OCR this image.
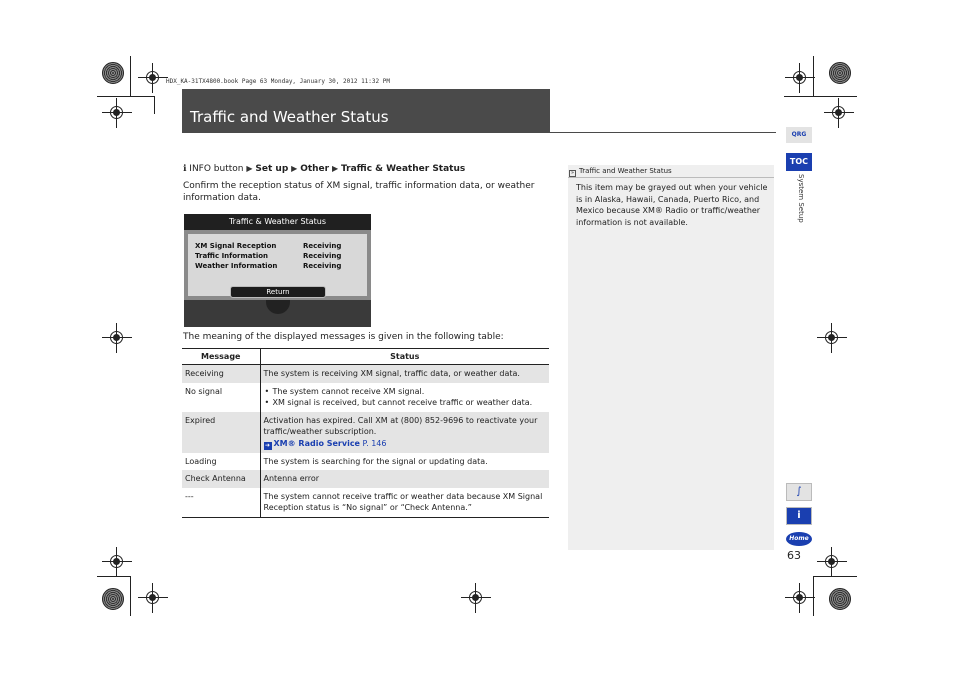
HDX_KA-31TX4800.book Page 63 Monday, January 30, 2012 11:32 PM
Traffic and Weather Status
ℹ︎ INFO button ▶ Set up ▶ Other ▶ Traffic & Weather Status

Confirm the reception status of XM signal, traffic information data, or weather information data.

Traffic & Weather Status
XM Signal Reception	Receiving
Traffic Information	Receiving
Weather Information	Receiving
Return
The meaning of the displayed messages is given in the following table:
Message	Status
Receiving	The system is receiving XM signal, traffic data, or weather data.
No signal	• The system cannot receive XM signal.
• XM signal is received, but cannot receive traffic or weather data.

Expired	Activation has expired. Call XM at (800) 852-9696 to reactivate your traffic/weather subscription.
➜ XM® Radio Service P. 146

Loading	The system is searching for the signal or updating data.
Check Antenna	Antenna error
---	The system cannot receive traffic or weather data because XM Signal Reception status is “No signal” or “Check Antenna.”
» Traffic and Weather Status

This item may be grayed out when your vehicle is in Alaska, Hawaii, Canada, Puerto Rico, and Mexico because XM® Radio or traffic/weather information is not available.

QRG
TOC
System Setup
∫
i
Home
63
